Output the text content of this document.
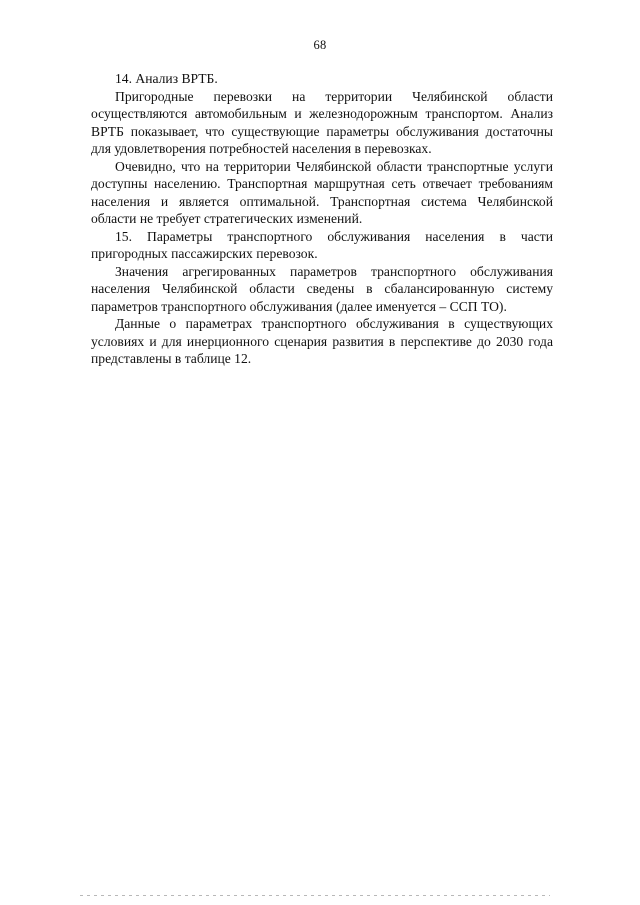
68

14. Анализ ВРТБ.

Пригородные перевозки на территории Челябинской области осуществляются автомобильным и железнодорожным транспортом. Анализ ВРТБ показывает, что существующие параметры обслуживания достаточны для удовлетворения потребностей населения в перевозках.

Очевидно, что на территории Челябинской области транспортные услуги доступны населению. Транспортная маршрутная сеть отвечает требованиям населения и является оптимальной. Транспортная система Челябинской области не требует стратегических изменений.

15. Параметры транспортного обслуживания населения в части пригородных пассажирских перевозок.

Значения агрегированных параметров транспортного обслуживания населения Челябинской области сведены в сбалансированную систему параметров транспортного обслуживания (далее именуется – ССП ТО).

Данные о параметрах транспортного обслуживания в существующих условиях и для инерционного сценария развития в перспективе до 2030 года представлены в таблице 12.
